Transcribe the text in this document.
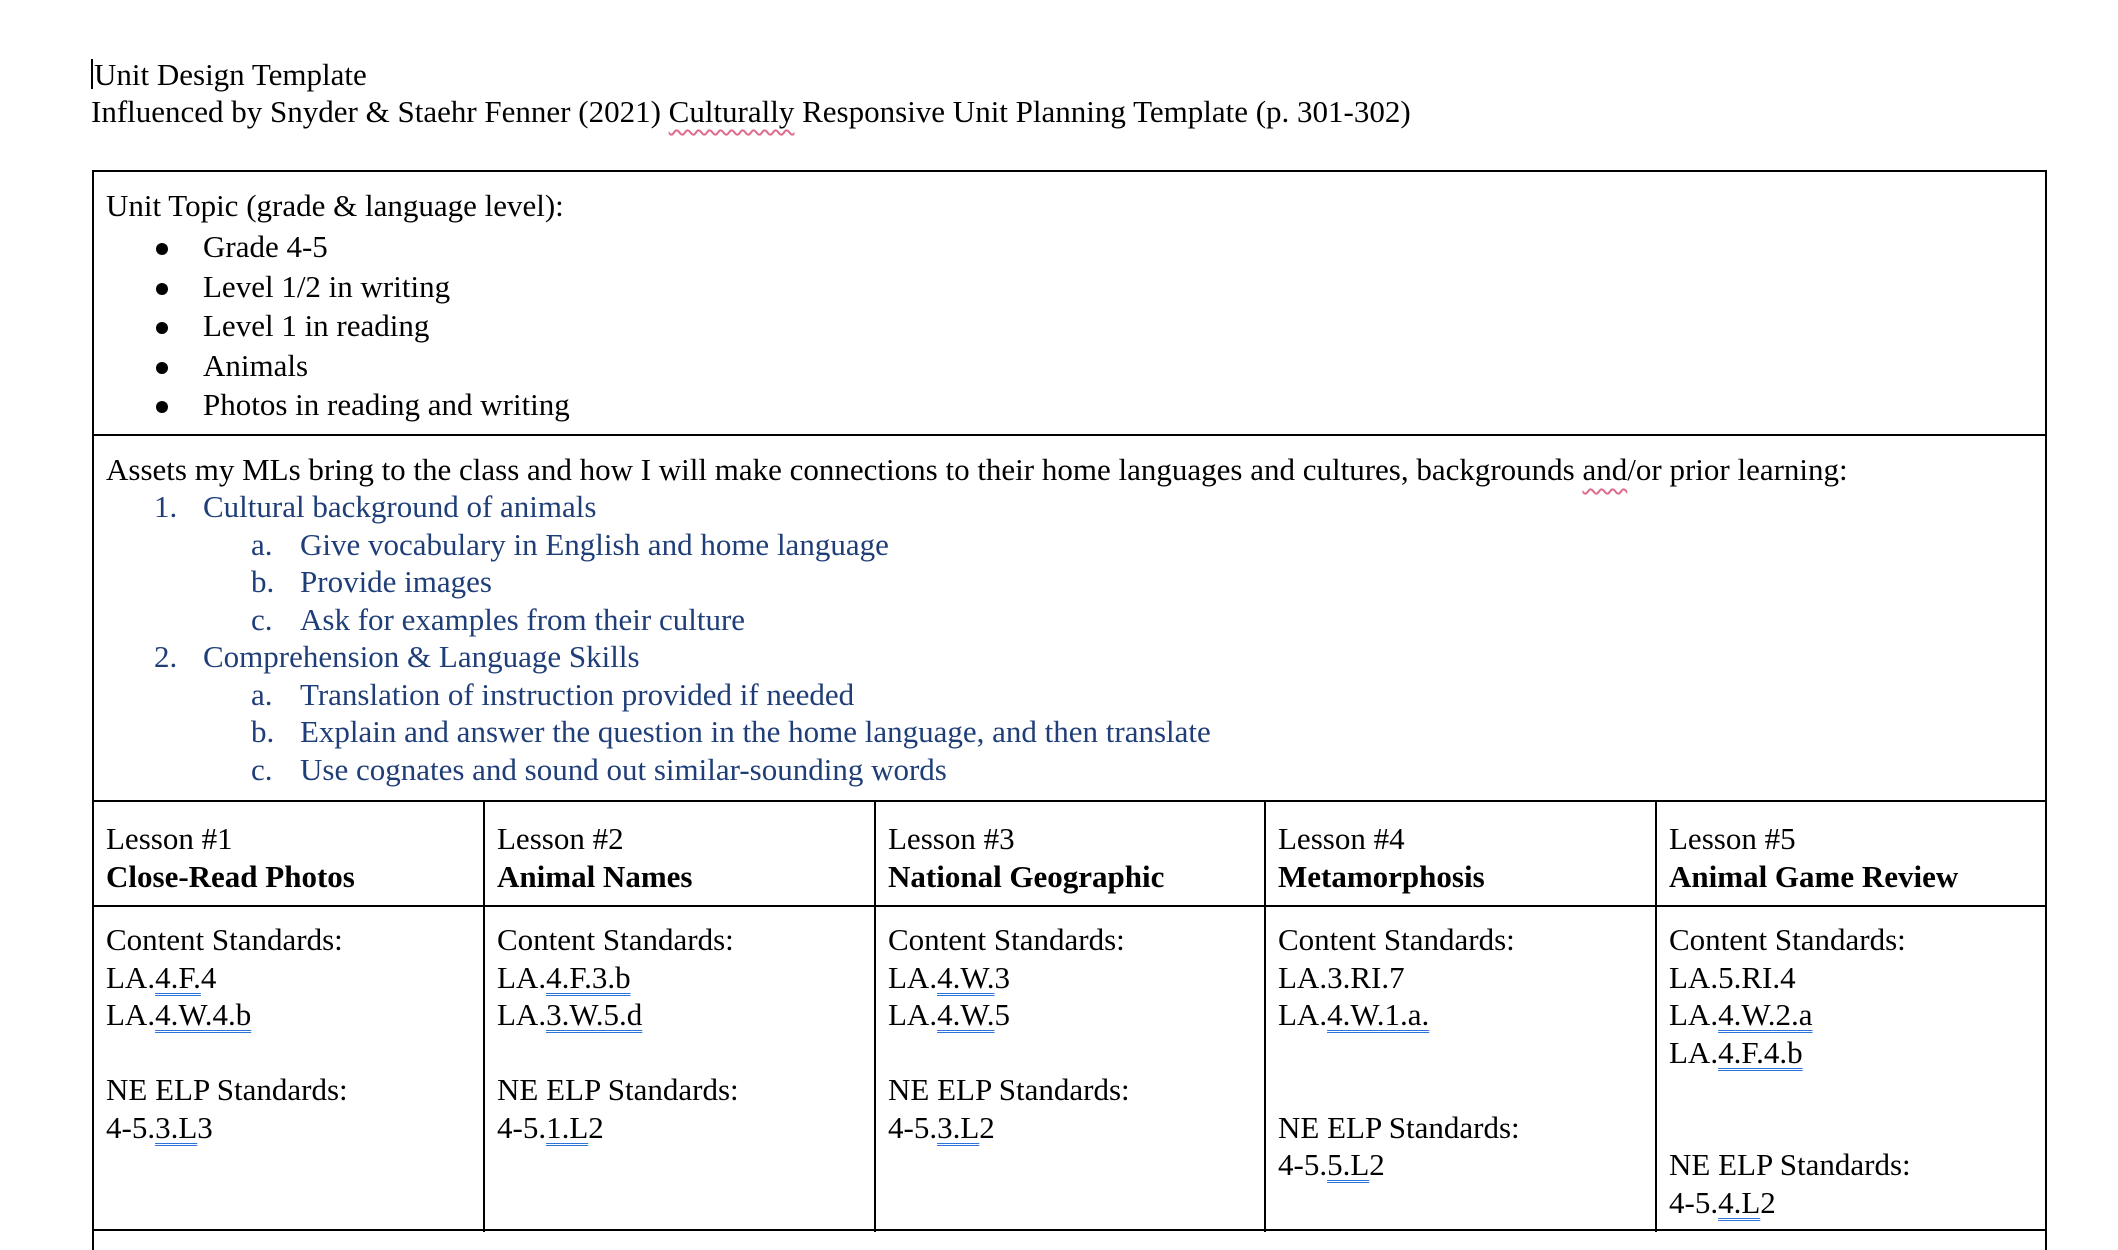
Unit Design Template
Influenced by Snyder & Staehr Fenner (2021) Culturally Responsive Unit Planning Template (p. 301-302)
Unit Topic (grade & language level):
Grade 4-5
Level 1/2 in writing
Level 1 in reading
Animals
Photos in reading and writing
Assets my MLs bring to the class and how I will make connections to their home languages and cultures, backgrounds and/or prior learning:
1. Cultural background of animals
a. Give vocabulary in English and home language
b. Provide images
c. Ask for examples from their culture
2. Comprehension & Language Skills
a. Translation of instruction provided if needed
b. Explain and answer the question in the home language, and then translate
c. Use cognates and sound out similar-sounding words
Lesson #1
Close-Read Photos
Lesson #2
Animal Names
Lesson #3
National Geographic
Lesson #4
Metamorphosis
Lesson #5
Animal Game Review
Content Standards:
LA.4.F.4
LA.4.W.4.b
NE ELP Standards:
4-5.3.L3
Content Standards:
LA.4.F.3.b
LA.3.W.5.d
NE ELP Standards:
4-5.1.L2
Content Standards:
LA.4.W.3
LA.4.W.5
NE ELP Standards:
4-5.3.L2
Content Standards:
LA.3.RI.7
LA.4.W.1.a.
NE ELP Standards:
4-5.5.L2
Content Standards:
LA.5.RI.4
LA.4.W.2.a
LA.4.F.4.b
NE ELP Standards:
4-5.4.L2
